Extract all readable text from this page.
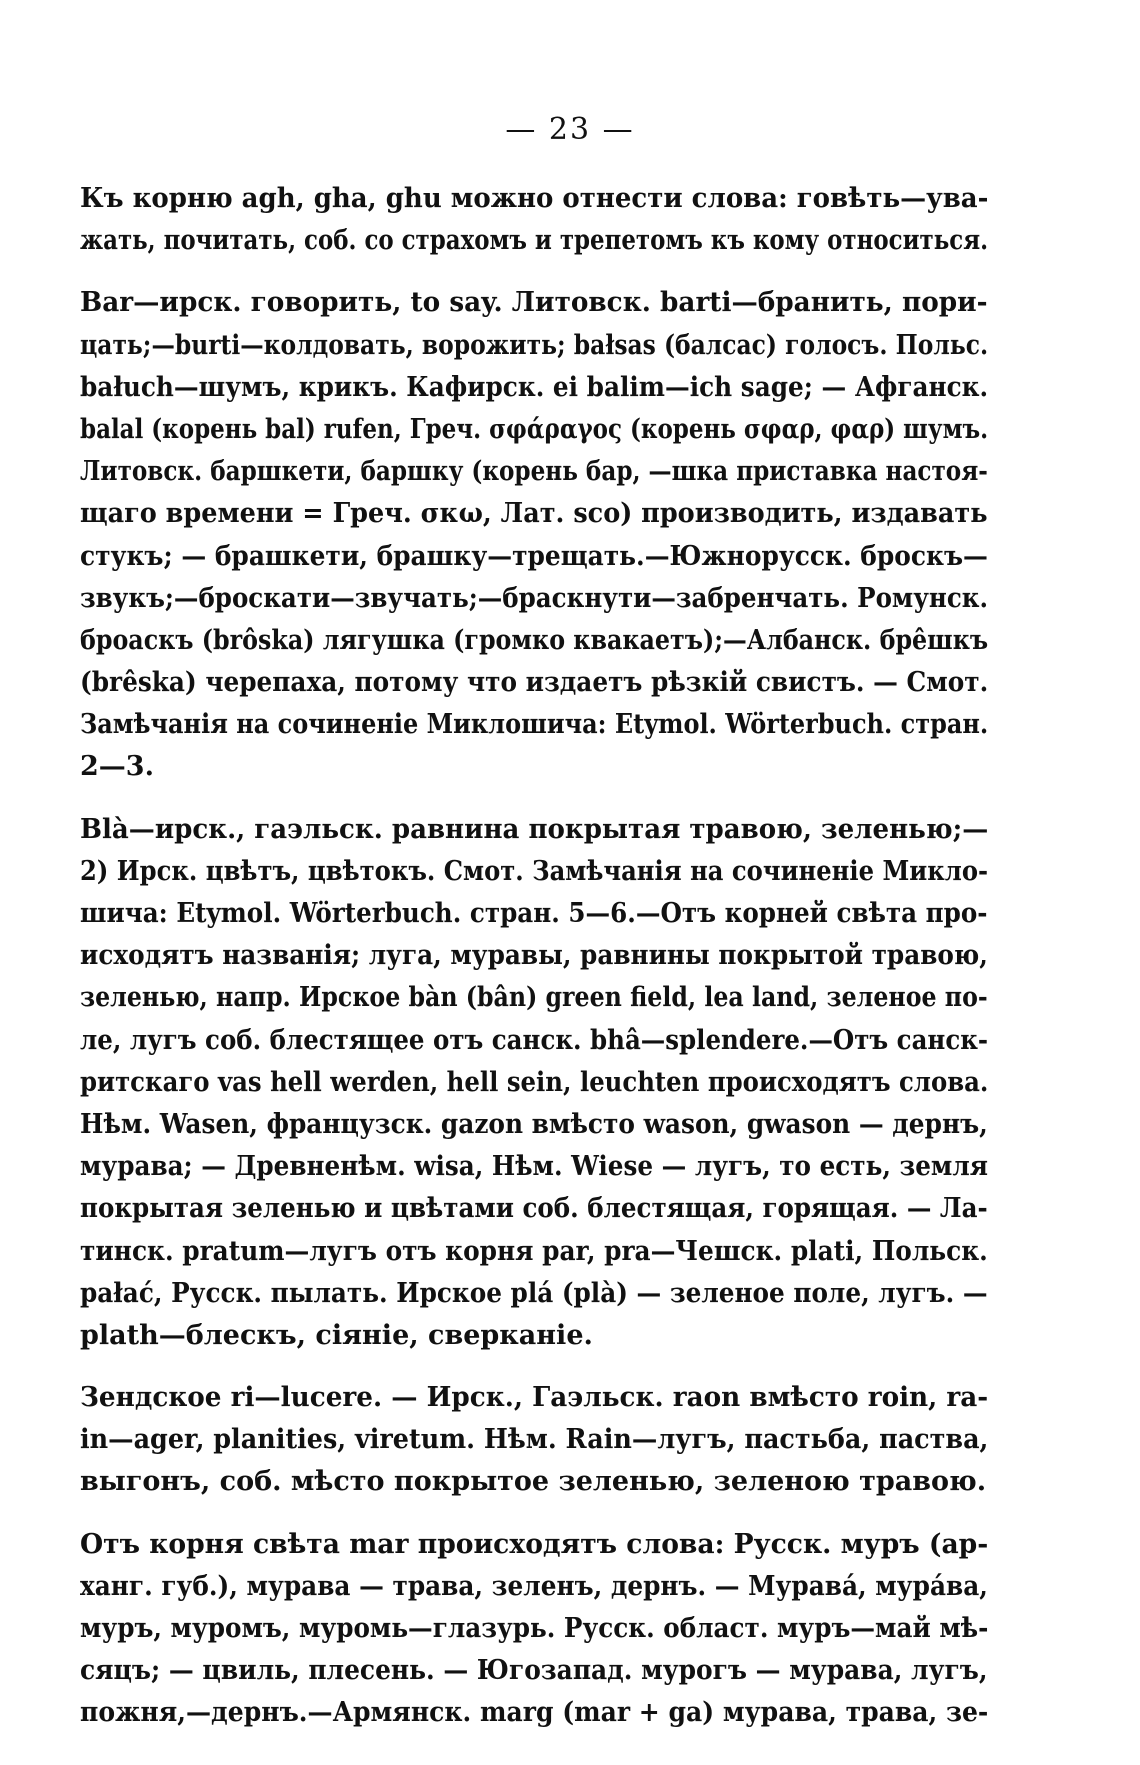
— 23 —
Къ корню agh, gha, ghu можно отнести слова: говѣть—ува-
жать, почитать, соб. со страхомъ и трепетомъ къ кому относиться.
Bar—ирск. говорить, to say. Литовск. barti—бранить, пори-
цать;—burti—колдовать, ворожить; bałsas (балсас) голосъ. Польс.
bałuch—шумъ, крикъ. Кафирск. ei balim—ich sage; — Афганск.
balal (корень bal) rufen, Греч. σφάραγος (корень σφαρ, φαρ) шумъ.
Литовск. баршкети, баршку (корень бар, —шка приставка настоя-
щаго времени = Греч. σκω, Лат. sco) производить, издавать
стукъ; — брашкети, брашку—трещать.—Южнорусск. броскъ—
звукъ;—броскати—звучать;—браскнути—забренчать. Ромунск.
броаскъ (brôska) лягушка (громко квакаетъ);—Албанск. брêшкъ
(brêska) черепаха, потому что издаетъ рѣзкій свистъ. — Смот.
Замѣчанія на сочиненіе Миклошича: Etymol. Wörterbuch. стран.
2—3.
Blà—ирск., гаэльск. равнина покрытая травою, зеленью;—
2) Ирск. цвѣтъ, цвѣтокъ. Смот. Замѣчанія на сочиненіе Микло-
шича: Etymol. Wörterbuch. стран. 5—6.—Отъ корней свѣта про-
исходятъ названія; луга, муравы, равнины покрытой травою,
зеленью, напр. Ирское bàn (bân) green field, lea land, зеленое по-
ле, лугъ соб. блестящее отъ санск. bhâ—splendere.—Отъ санск-
ритскаго vas hell werden, hell sein, leuchten происходятъ слова.
Нѣм. Wasen, французск. gazon вмѣсто wason, gwason — дернъ,
мурава; — Древненѣм. wisa, Нѣм. Wiese — лугъ, то есть, земля
покрытая зеленью и цвѣтами соб. блестящая, горящая. — Ла-
тинск. pratum—лугъ отъ корня par, pra—Чешск. plati, Польск.
pałać, Русск. пылать. Ирское plá (plà) — зеленое поле, лугъ. —
plath—блескъ, сіяніе, сверканіе.
Зендское ri—lucere. — Ирск., Гаэльск. raon вмѣсто roin, ra-
in—ager, planities, viretum. Нѣм. Rain—лугъ, пастьба, паства,
выгонъ, соб. мѣсто покрытое зеленью, зеленою травою.
Отъ корня свѣта mar происходятъ слова: Русск. муръ (ар-
ханг. губ.), мурава — трава, зеленъ, дернъ. — Муравá, мурáва,
муръ, муромъ, муромь—глазурь. Русск. област. муръ—май мѣ-
сяцъ; — цвиль, плесень. — Югозапад. мурогъ — мурава, лугъ,
пожня,—дернъ.—Армянск. marg (mar + ga) мурава, трава, зе-
